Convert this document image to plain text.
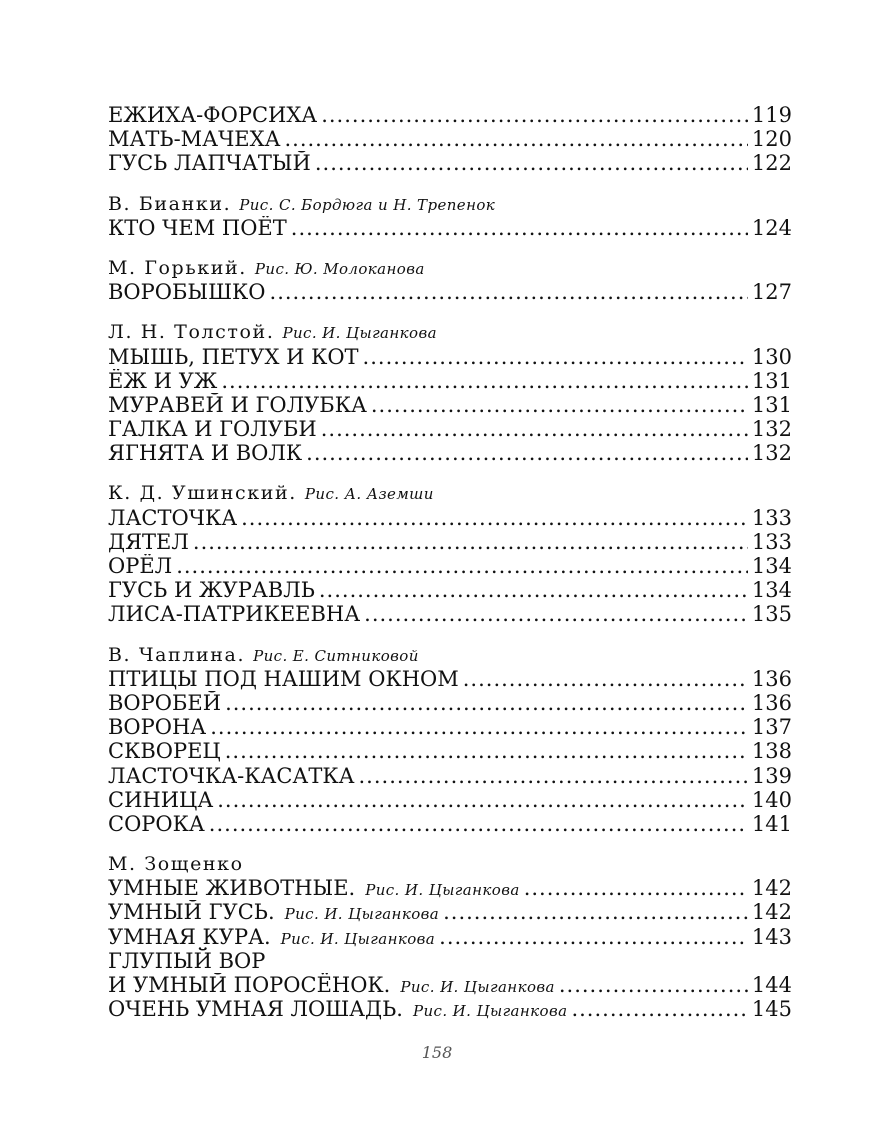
ЕЖИХА-ФОРСИХА .....	119
МАТЬ-МАЧЕХА .....	120
ГУСЬ ЛАПЧАТЫЙ .....	122
В. Бианки. Рис. С. Бордюга и Н. Трепенок
КТО ЧЕМ ПОЁТ .....	124
М. Горький. Рис. Ю. Молоканова
ВОРОБЫШКО .....	127
Л. Н. Толстой. Рис. И. Цыганкова
МЫШЬ, ПЕТУХ И КОТ .....	130
ЁЖ И УЖ .....	131
МУРАВЕЙ И ГОЛУБКА .....	131
ГАЛКА И ГОЛУБИ .....	132
ЯГНЯТА И ВОЛК .....	132
К. Д. Ушинский. Рис. А. Аземши
ЛАСТОЧКА .....	133
ДЯТЕЛ .....	133
ОРЁЛ .....	134
ГУСЬ И ЖУРАВЛЬ .....	134
ЛИСА-ПАТРИКЕЕВНА .....	135
В. Чаплина. Рис. Е. Ситниковой
ПТИЦЫ ПОД НАШИМ ОКНОМ .....	136
ВОРОБЕЙ .....	136
ВОРОНА .....	137
СКВОРЕЦ .....	138
ЛАСТОЧКА-КАСАТКА .....	139
СИНИЦА .....	140
СОРОКА .....	141
М. Зощенко
УМНЫЕ ЖИВОТНЫЕ. Рис. И. Цыганкова .....	142
УМНЫЙ ГУСЬ. Рис. И. Цыганкова .....	142
УМНАЯ КУРА. Рис. И. Цыганкова .....	143
ГЛУПЫЙ ВОР
И УМНЫЙ ПОРОСЁНОК. Рис. И. Цыганкова .....	144
ОЧЕНЬ УМНАЯ ЛОШАДЬ. Рис. И. Цыганкова .....	145
158
